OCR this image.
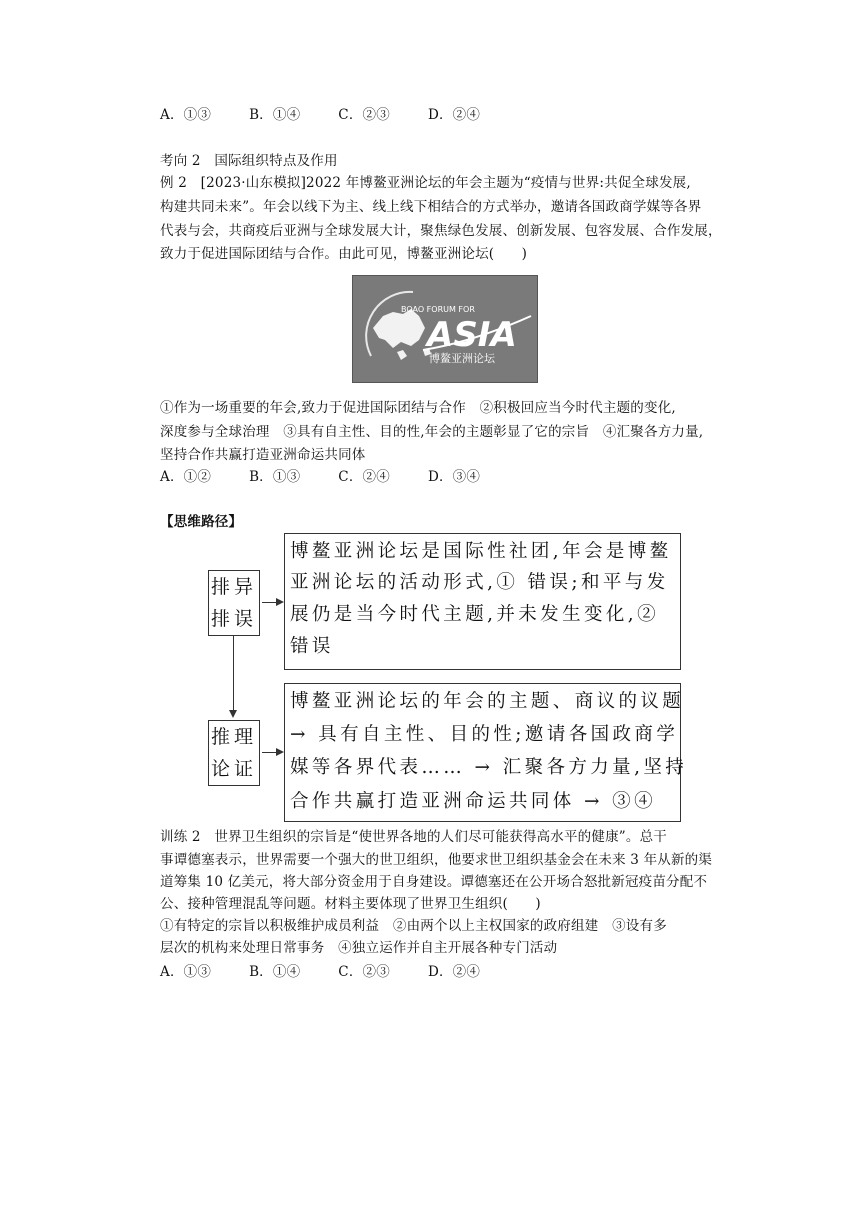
A．①③	B．①④	C．②③	D．②④
考向 2　国际组织特点及作用
例 2　[2023·山东模拟]2022 年博鳌亚洲论坛的年会主题为“疫情与世界:共促全球发展,
构建共同未来”。年会以线下为主、线上线下相结合的方式举办，邀请各国政商学媒等各界
代表与会，共商疫后亚洲与全球发展大计，聚焦绿色发展、创新发展、包容发展、合作发展，
致力于促进国际团结与合作。由此可见，博鳌亚洲论坛(　　)
BOAO FORUM FOR
ASIA
博鳌亚洲论坛
①作为一场重要的年会,致力于促进国际团结与合作　②积极回应当今时代主题的变化,
深度参与全球治理　③具有自主性、目的性,年会的主题彰显了它的宗旨　④汇聚各方力量,
坚持合作共赢打造亚洲命运共同体
A．①②	B．①③	C．②④	D．③④
【思维路径】
排异
排误
博鳌亚洲论坛是国际性社团,年会是博鳌
亚洲论坛的活动形式,① 错误;和平与发
展仍是当今时代主题,并未发生变化,②
错误
推理
论证
博鳌亚洲论坛的年会的主题、商议的议题
→ 具有自主性、目的性;邀请各国政商学
媒等各界代表…… → 汇聚各方力量,坚持
合作共赢打造亚洲命运共同体 → ③④
训练 2　世界卫生组织的宗旨是“使世界各地的人们尽可能获得高水平的健康”。总干
事谭德塞表示，世界需要一个强大的世卫组织，他要求世卫组织基金会在未来 3 年从新的渠
道筹集 10 亿美元，将大部分资金用于自身建设。谭德塞还在公开场合怒批新冠疫苗分配不
公、接种管理混乱等问题。材料主要体现了世界卫生组织(　　)
①有特定的宗旨以积极维护成员利益　②由两个以上主权国家的政府组建　③设有多
层次的机构来处理日常事务　④独立运作并自主开展各种专门活动
A．①③	B．①④	C．②③	D．②④
